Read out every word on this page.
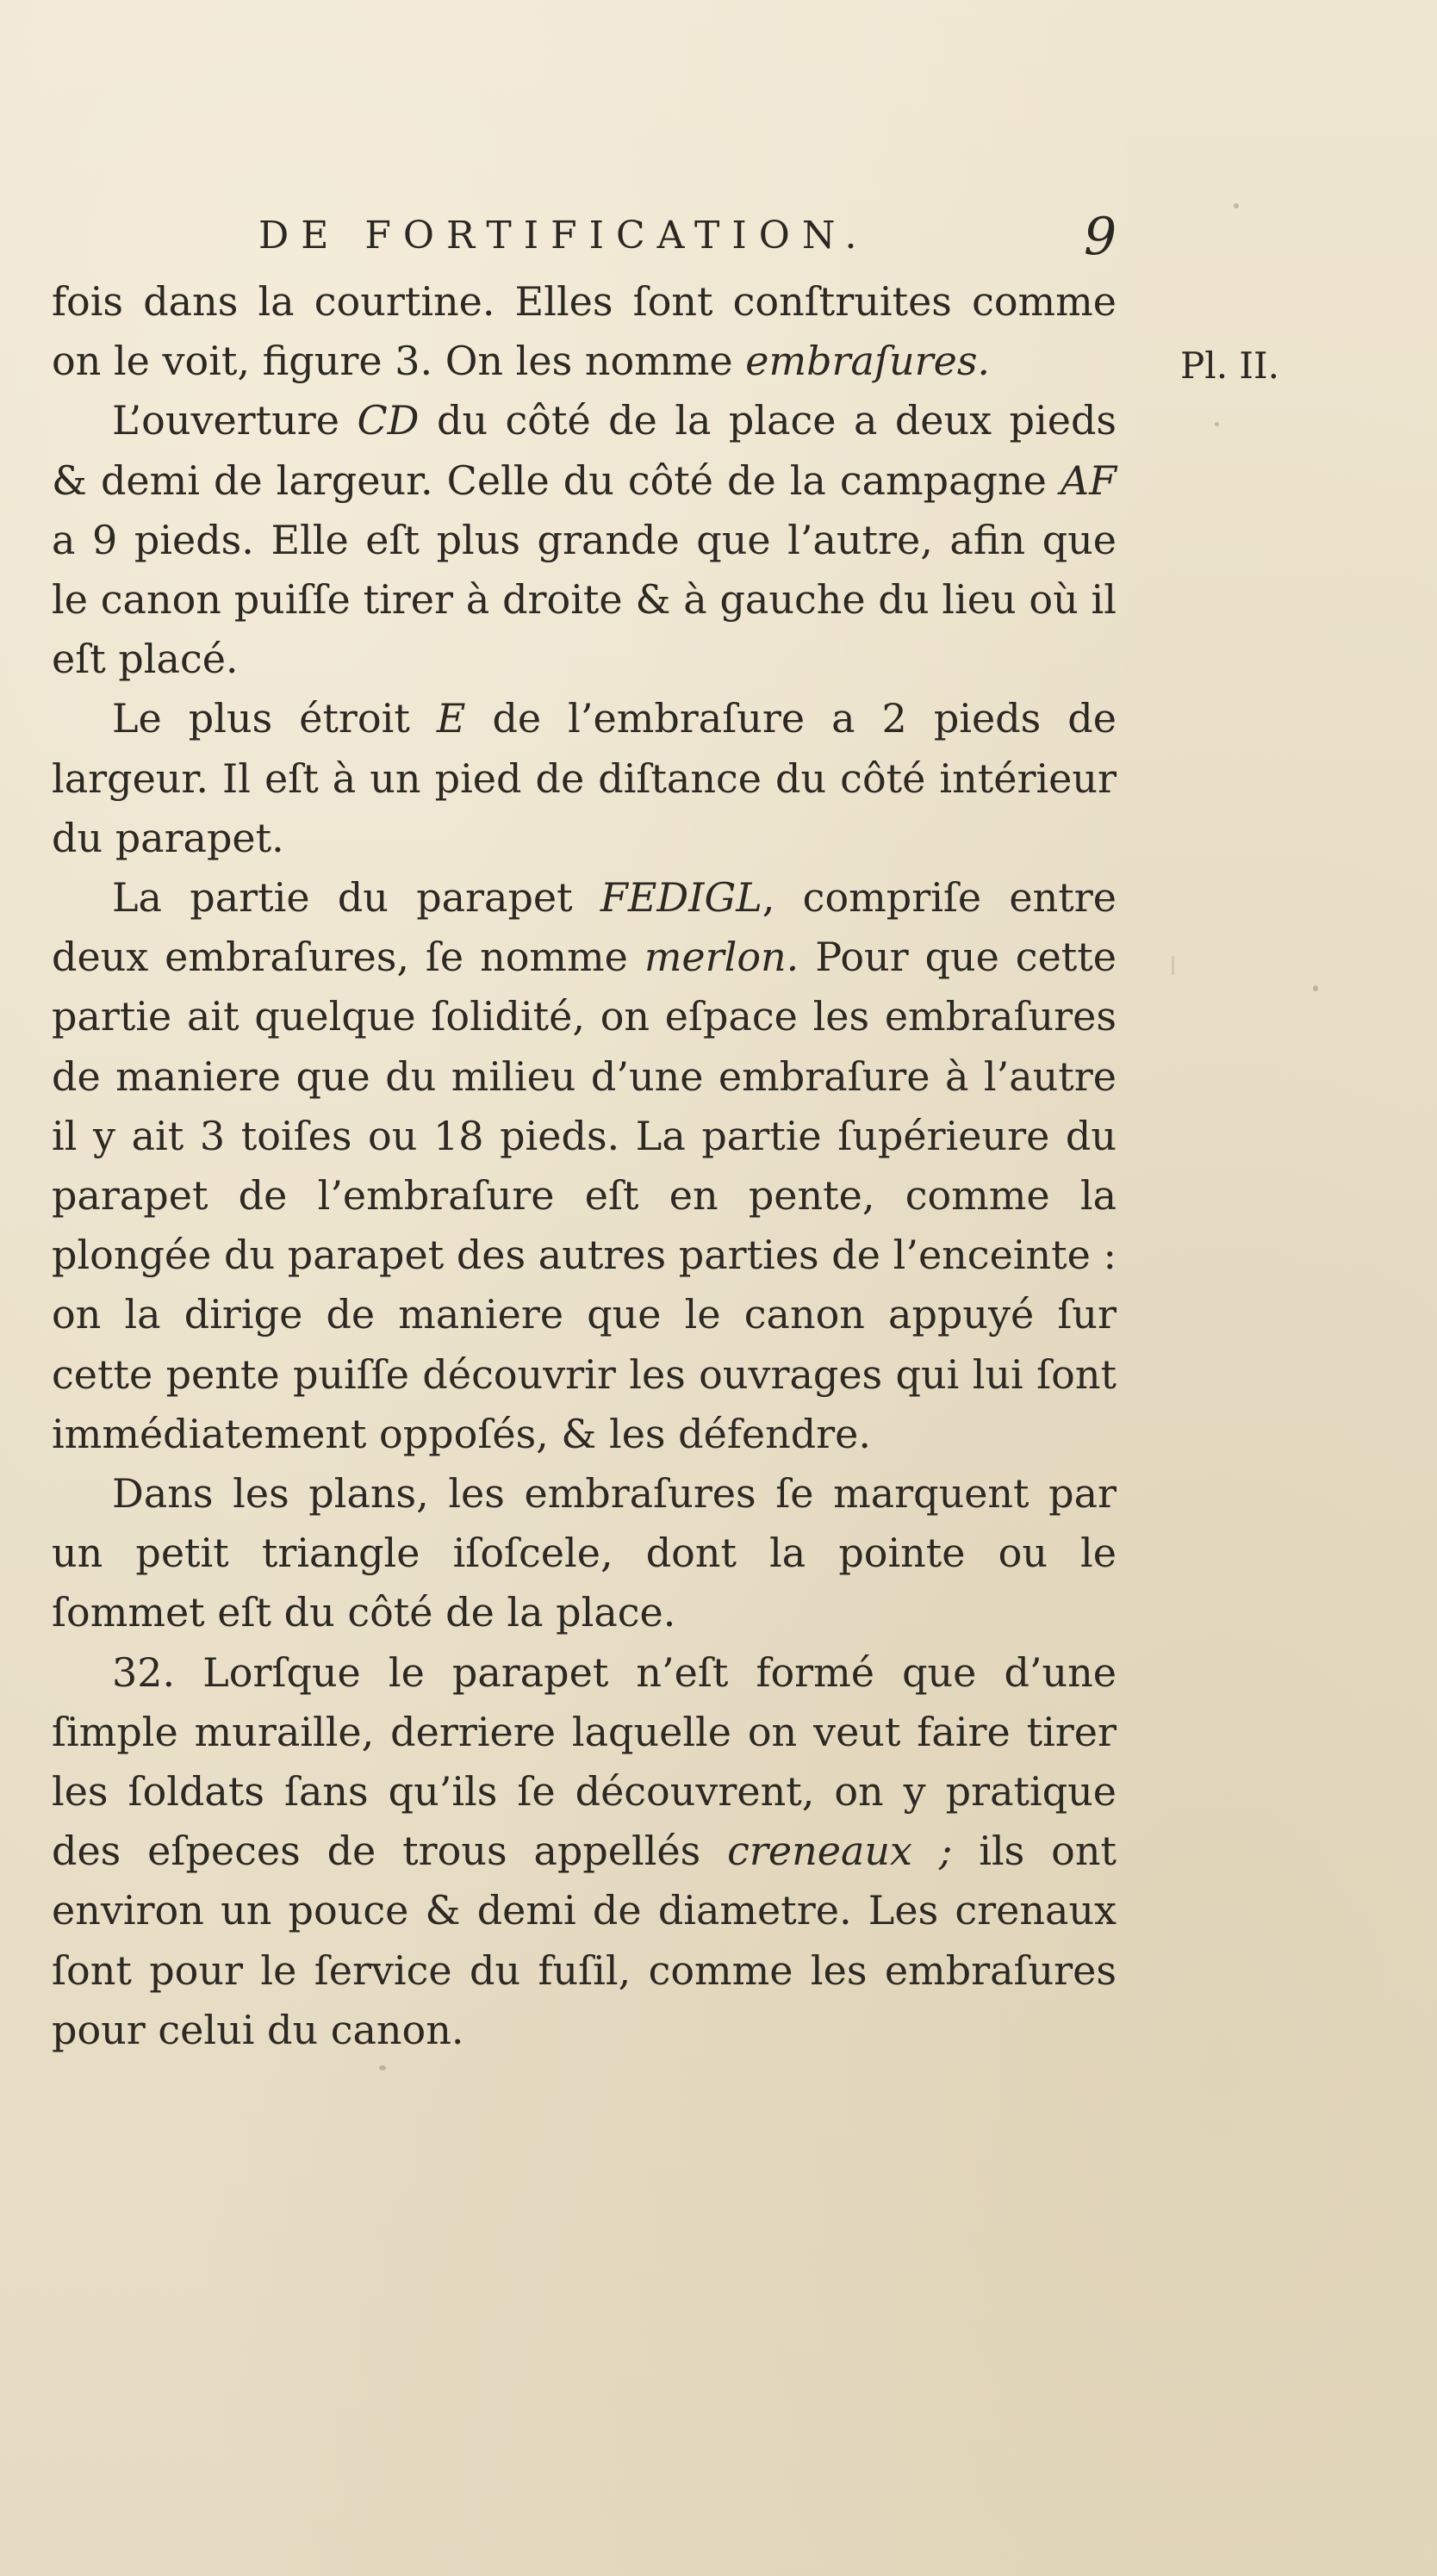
DE FORTIFICATION.	9
Pl. II.

fois dans la courtine. Elles ſont conſtruites comme on le voit, figure 3. On les nomme embraſures.

L’ouverture CD du côté de la place a deux pieds & demi de largeur. Celle du côté de la campagne AF a 9 pieds. Elle eſt plus grande que l’autre, afin que le canon puiſſe tirer à droite & à gauche du lieu où il eſt placé.

Le plus étroit E de l’embraſure a 2 pieds de largeur. Il eſt à un pied de diſtance du côté intérieur du parapet.

La partie du parapet FEDIGL, compriſe entre deux embraſures, ſe nomme merlon. Pour que cette partie ait quelque ſolidité, on eſpace les embraſures de maniere que du milieu d’une embraſure à l’autre il y ait 3 toiſes ou 18 pieds. La partie ſupérieure du parapet de l’embraſure eſt en pente, comme la plongée du parapet des autres parties de l’enceinte : on la dirige de maniere que le canon appuyé ſur cette pente puiſſe découvrir les ouvrages qui lui ſont immédiatement oppoſés, & les défendre.

Dans les plans, les embraſures ſe marquent par un petit triangle iſoſcele, dont la pointe ou le ſommet eſt du côté de la place.

32. Lorſque le parapet n’eſt formé que d’une ſimple muraille, derriere laquelle on veut faire tirer les ſoldats ſans qu’ils ſe découvrent, on y pratique des eſpeces de trous appellés creneaux ; ils ont environ un pouce & demi de diametre. Les crenaux ſont pour le ſervice du fuſil, comme les embraſures pour celui du canon.
